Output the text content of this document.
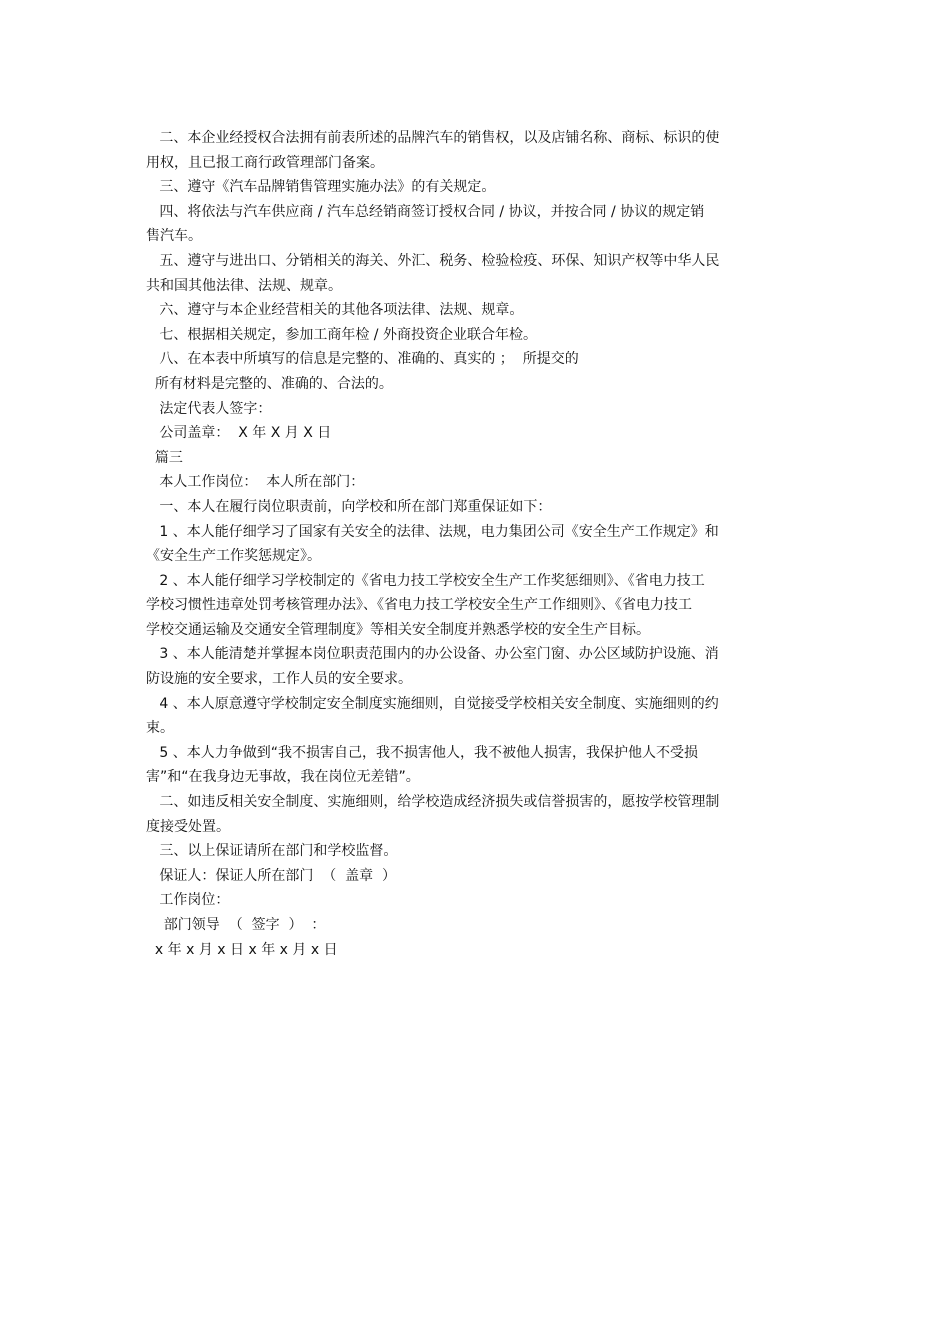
二、本企业经授权合法拥有前表所述的品牌汽车的销售权，以及店铺名称、商标、标识的使
用权，且已报工商行政管理部门备案。
三、遵守《汽车品牌销售管理实施办法》的有关规定。
四、将依法与汽车供应商 / 汽车总经销商签订授权合同 / 协议，并按合同 / 协议的规定销
售汽车。
五、遵守与进出口、分销相关的海关、外汇、税务、检验检疫、环保、知识产权等中华人民
共和国其他法律、法规、规章。
六、遵守与本企业经营相关的其他各项法律、法规、规章。
七、根据相关规定，参加工商年检 / 外商投资企业联合年检。
八、在本表中所填写的信息是完整的、准确的、真实的 ；  所提交的
所有材料是完整的、准确的、合法的。
法定代表人签字：
公司盖章：  X 年 X 月 X 日
篇三
本人工作岗位：  本人所在部门：
一、本人在履行岗位职责前，向学校和所在部门郑重保证如下：
1 、本人能仔细学习了国家有关安全的法律、法规，电力集团公司《安全生产工作规定》和
《安全生产工作奖惩规定》。
2 、本人能仔细学习学校制定的《省电力技工学校安全生产工作奖惩细则》、《省电力技工
学校习惯性违章处罚考核管理办法》、《省电力技工学校安全生产工作细则》、《省电力技工
学校交通运输及交通安全管理制度》等相关安全制度并熟悉学校的安全生产目标。
3 、本人能清楚并掌握本岗位职责范围内的办公设备、办公室门窗、办公区域防护设施、消
防设施的安全要求，工作人员的安全要求。
4 、本人原意遵守学校制定安全制度实施细则，自觉接受学校相关安全制度、实施细则的约
束。
5 、本人力争做到“我不损害自己，我不损害他人，我不被他人损害，我保护他人不受损
害”和“在我身边无事故，我在岗位无差错”。
二、如违反相关安全制度、实施细则，给学校造成经济损失或信誉损害的，愿按学校管理制
度接受处置。
三、以上保证请所在部门和学校监督。
保证人：保证人所在部门  （  盖章  ）
工作岗位：
部门领导  （  签字  ）  ：
x 年 x 月 x 日 x 年 x 月 x 日
